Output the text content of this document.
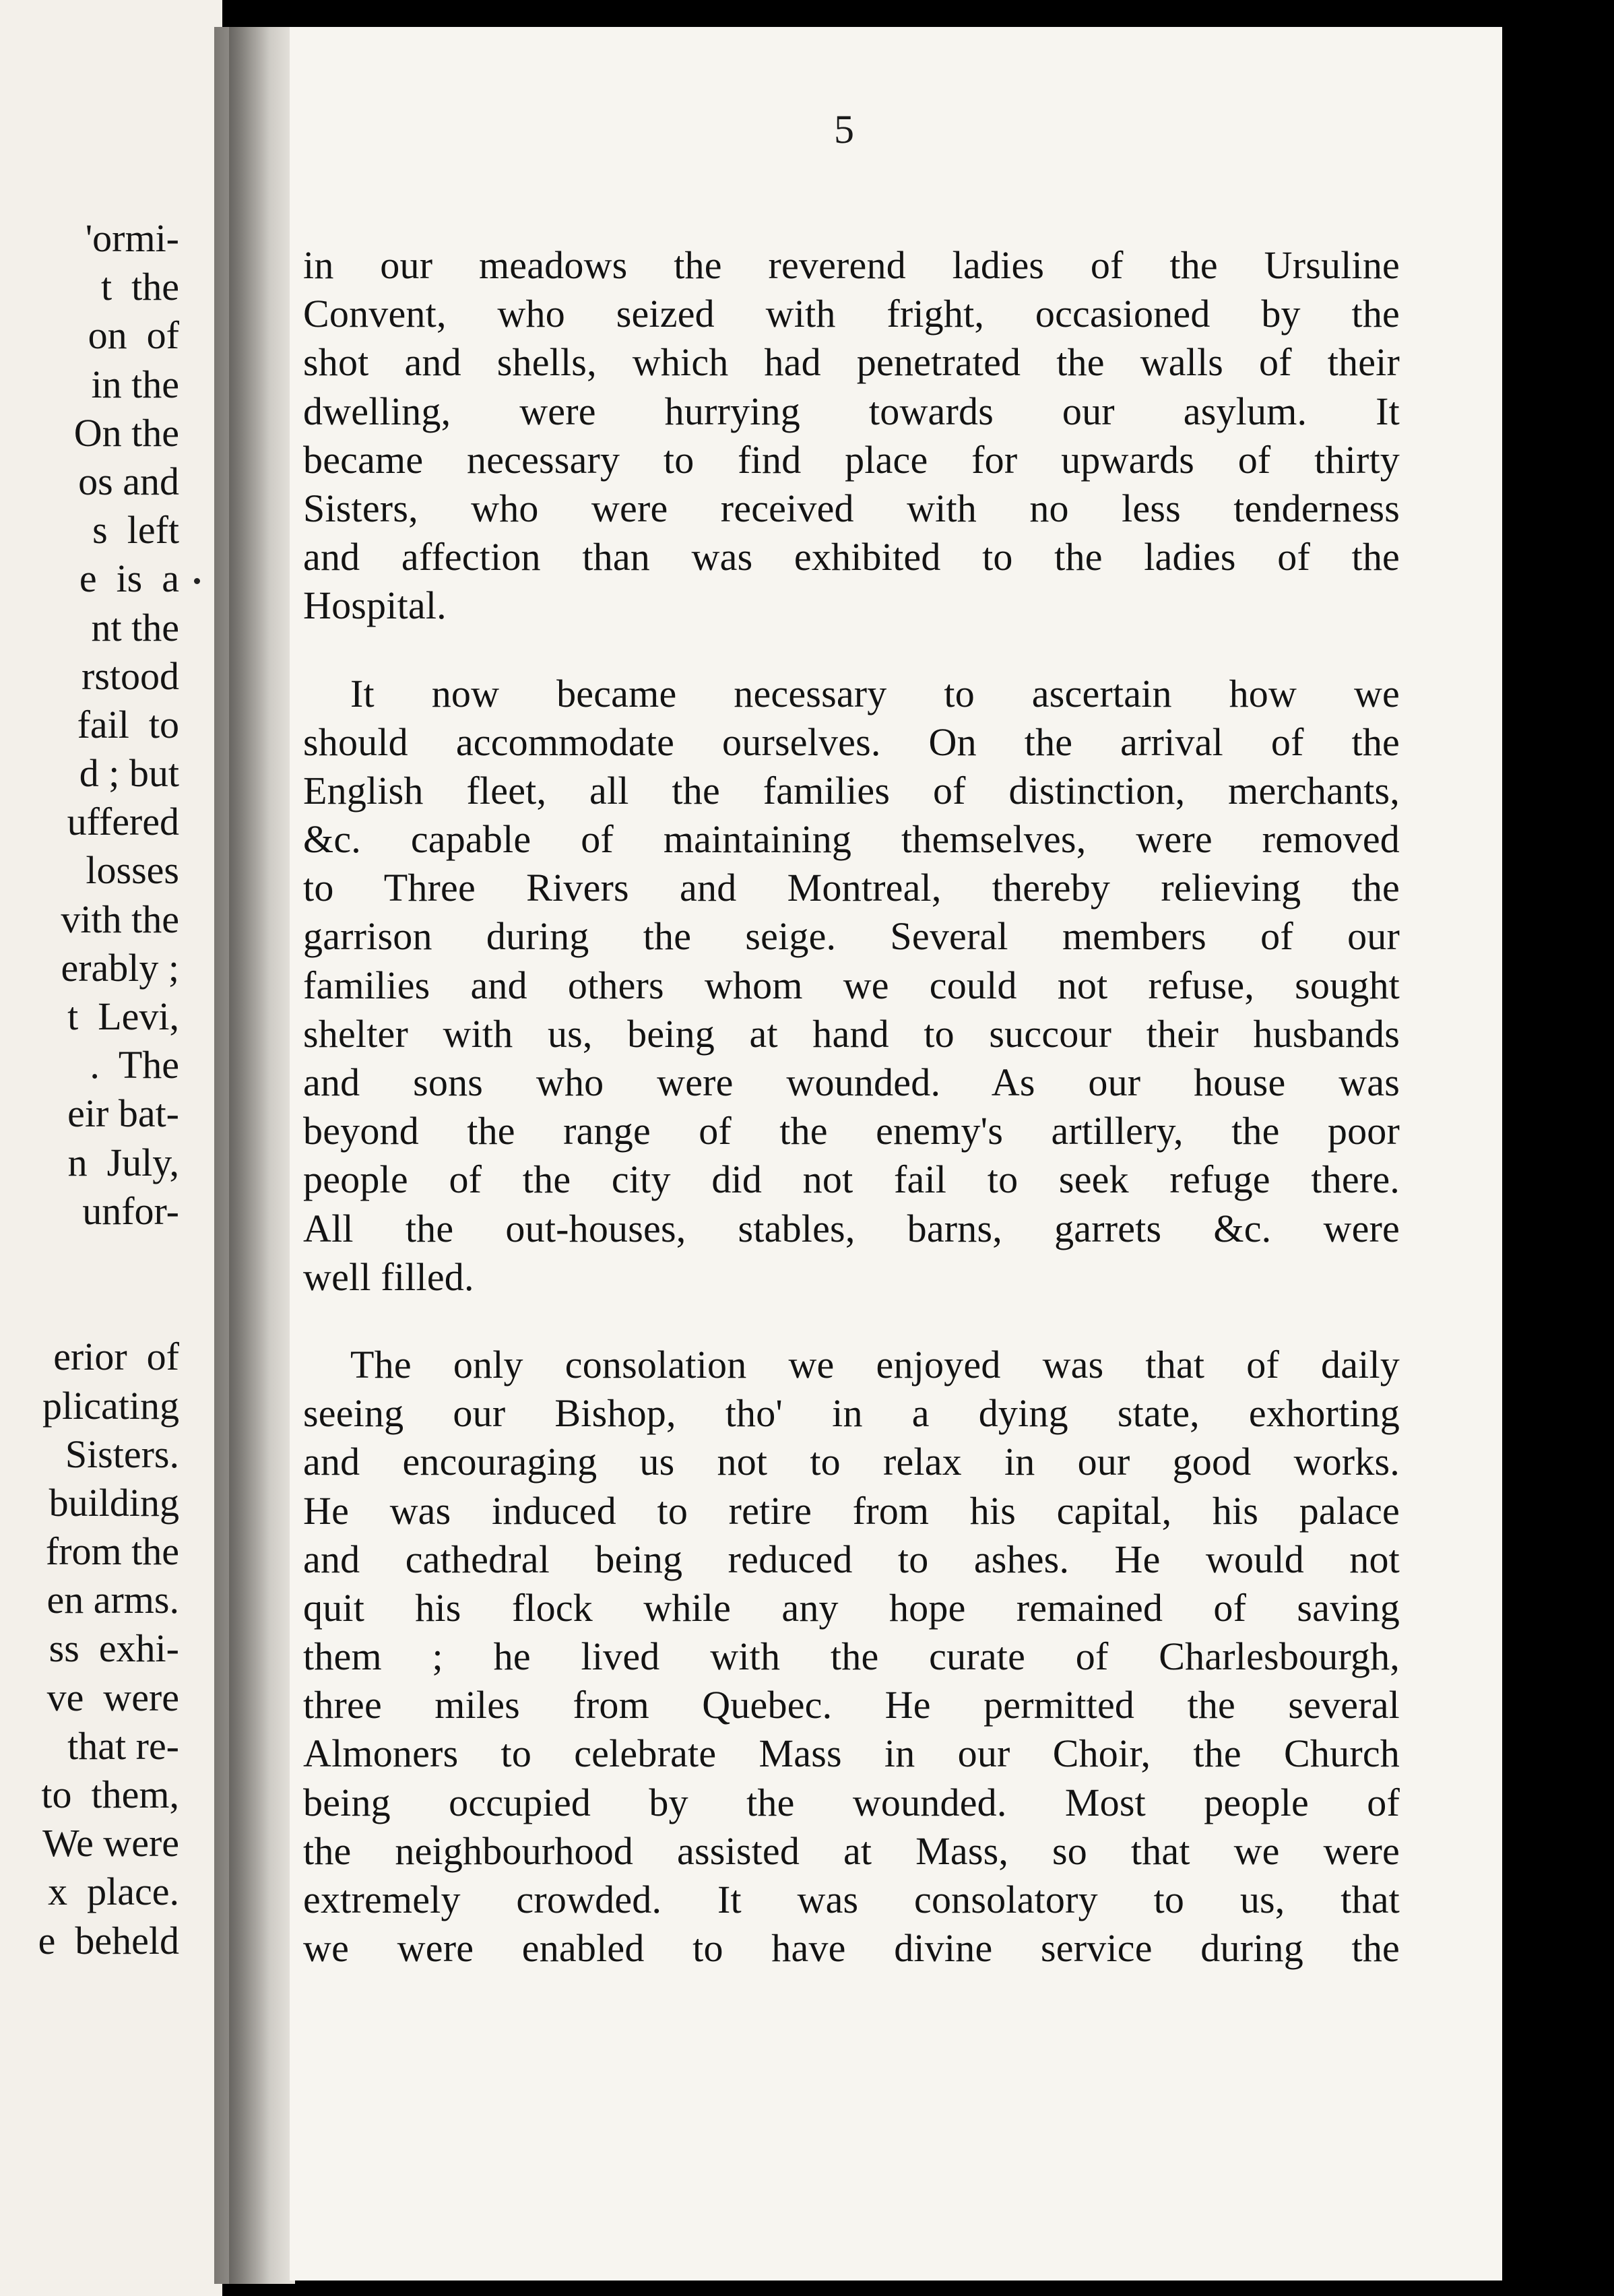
'ormi-
t  the
on  of
in the
On the
os and
s  left
e  is  a
nt the
rstood
fail  to
d ; but
uffered
losses
vith the
erably ;
t  Levi,
.  The
eir bat-
n  July,
unfor-
erior  of
plicating
Sisters.
building
from the
en arms.
ss  exhi-
ve  were
that re-
to  them,
We were
x  place.
e  beheld
5
in our meadows the reverend ladies of the Ursuline
Convent, who seized with fright, occasioned by the
shot and shells, which had penetrated the walls of their
dwelling, were hurrying towards our asylum. It
became necessary to find place for upwards of thirty
Sisters, who were received with no less tenderness
and affection than was exhibited to the ladies of the
Hospital.
It now became necessary to ascertain how we
should accommodate ourselves. On the arrival of the
English fleet, all the families of distinction, merchants,
&c. capable of maintaining themselves, were removed
to Three Rivers and Montreal, thereby relieving the
garrison during the seige. Several members of our
families and others whom we could not refuse, sought
shelter with us, being at hand to succour their husbands
and sons who were wounded. As our house was
beyond the range of the enemy's artillery, the poor
people of the city did not fail to seek refuge there.
All the out-houses, stables, barns, garrets &c. were
well filled.
The only consolation we enjoyed was that of daily
seeing our Bishop, tho' in a dying state, exhorting
and encouraging us not to relax in our good works.
He was induced to retire from his capital, his palace
and cathedral being reduced to ashes. He would not
quit his flock while any hope remained of saving
them ; he lived with the curate of Charlesbourgh,
three miles from Quebec. He permitted the several
Almoners to celebrate Mass in our Choir, the Church
being occupied by the wounded. Most people of
the neighbourhood assisted at Mass, so that we were
extremely crowded. It was consolatory to us, that
we were enabled to have divine service during the
